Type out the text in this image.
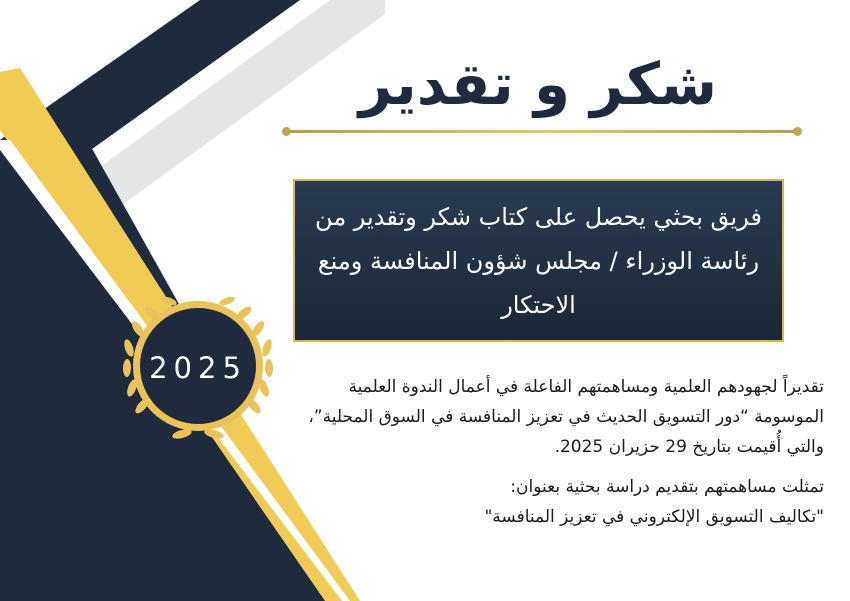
2025
شكر و تقدير
فريق بحثي يحصل على كتاب شكر وتقدير من رئاسة الوزراء / مجلس شؤون المنافسة ومنع الاحتكار

تقديراً لجهودهم العلمية ومساهمتهم الفاعلة في أعمال الندوة العلمية الموسومة “دور التسويق الحديث في تعزيز المنافسة في السوق المحلية”، والتي أُقيمت بتاريخ 29 حزيران 2025.

تمثلت مساهمتهم بتقديم دراسة بحثية بعنوان:

"تكاليف التسويق الإلكتروني في تعزيز المنافسة"
